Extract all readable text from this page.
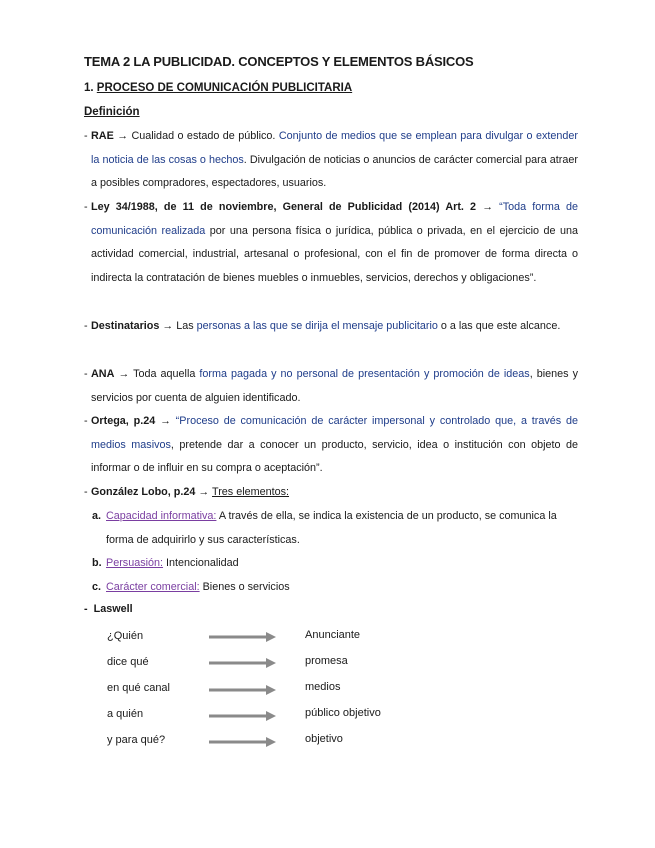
TEMA 2 LA PUBLICIDAD. CONCEPTOS Y ELEMENTOS BÁSICOS
1. PROCESO DE COMUNICACIÓN PUBLICITARIA
Definición
- RAE → Cualidad o estado de público. Conjunto de medios que se emplean para divulgar o extender la noticia de las cosas o hechos. Divulgación de noticias o anuncios de carácter comercial para atraer a posibles compradores, espectadores, usuarios.
- Ley 34/1988, de 11 de noviembre, General de Publicidad (2014) Art. 2 → “Toda forma de comunicación realizada por una persona física o jurídica, pública o privada, en el ejercicio de una actividad comercial, industrial, artesanal o profesional, con el fin de promover de forma directa o indirecta la contratación de bienes muebles o inmuebles, servicios, derechos y obligaciones”.
- Destinatarios → Las personas a las que se dirija el mensaje publicitario o a las que este alcance.
- ANA → Toda aquella forma pagada y no personal de presentación y promoción de ideas, bienes y servicios por cuenta de alguien identificado.
- Ortega, p.24 → “Proceso de comunicación de carácter impersonal y controlado que, a través de medios masivos, pretende dar a conocer un producto, servicio, idea o institución con objeto de informar o de influir en su compra o aceptación”.
- González Lobo, p.24 → Tres elementos:
a. Capacidad informativa: A través de ella, se indica la existencia de un producto, se comunica la forma de adquirirlo y sus características.
b. Persuasión: Intencionalidad
c. Carácter comercial: Bienes o servicios
-  Laswell
¿Quién
dice qué
en qué canal
a quién
y para qué?
Anunciante
promesa
medios
público objetivo
objetivo
